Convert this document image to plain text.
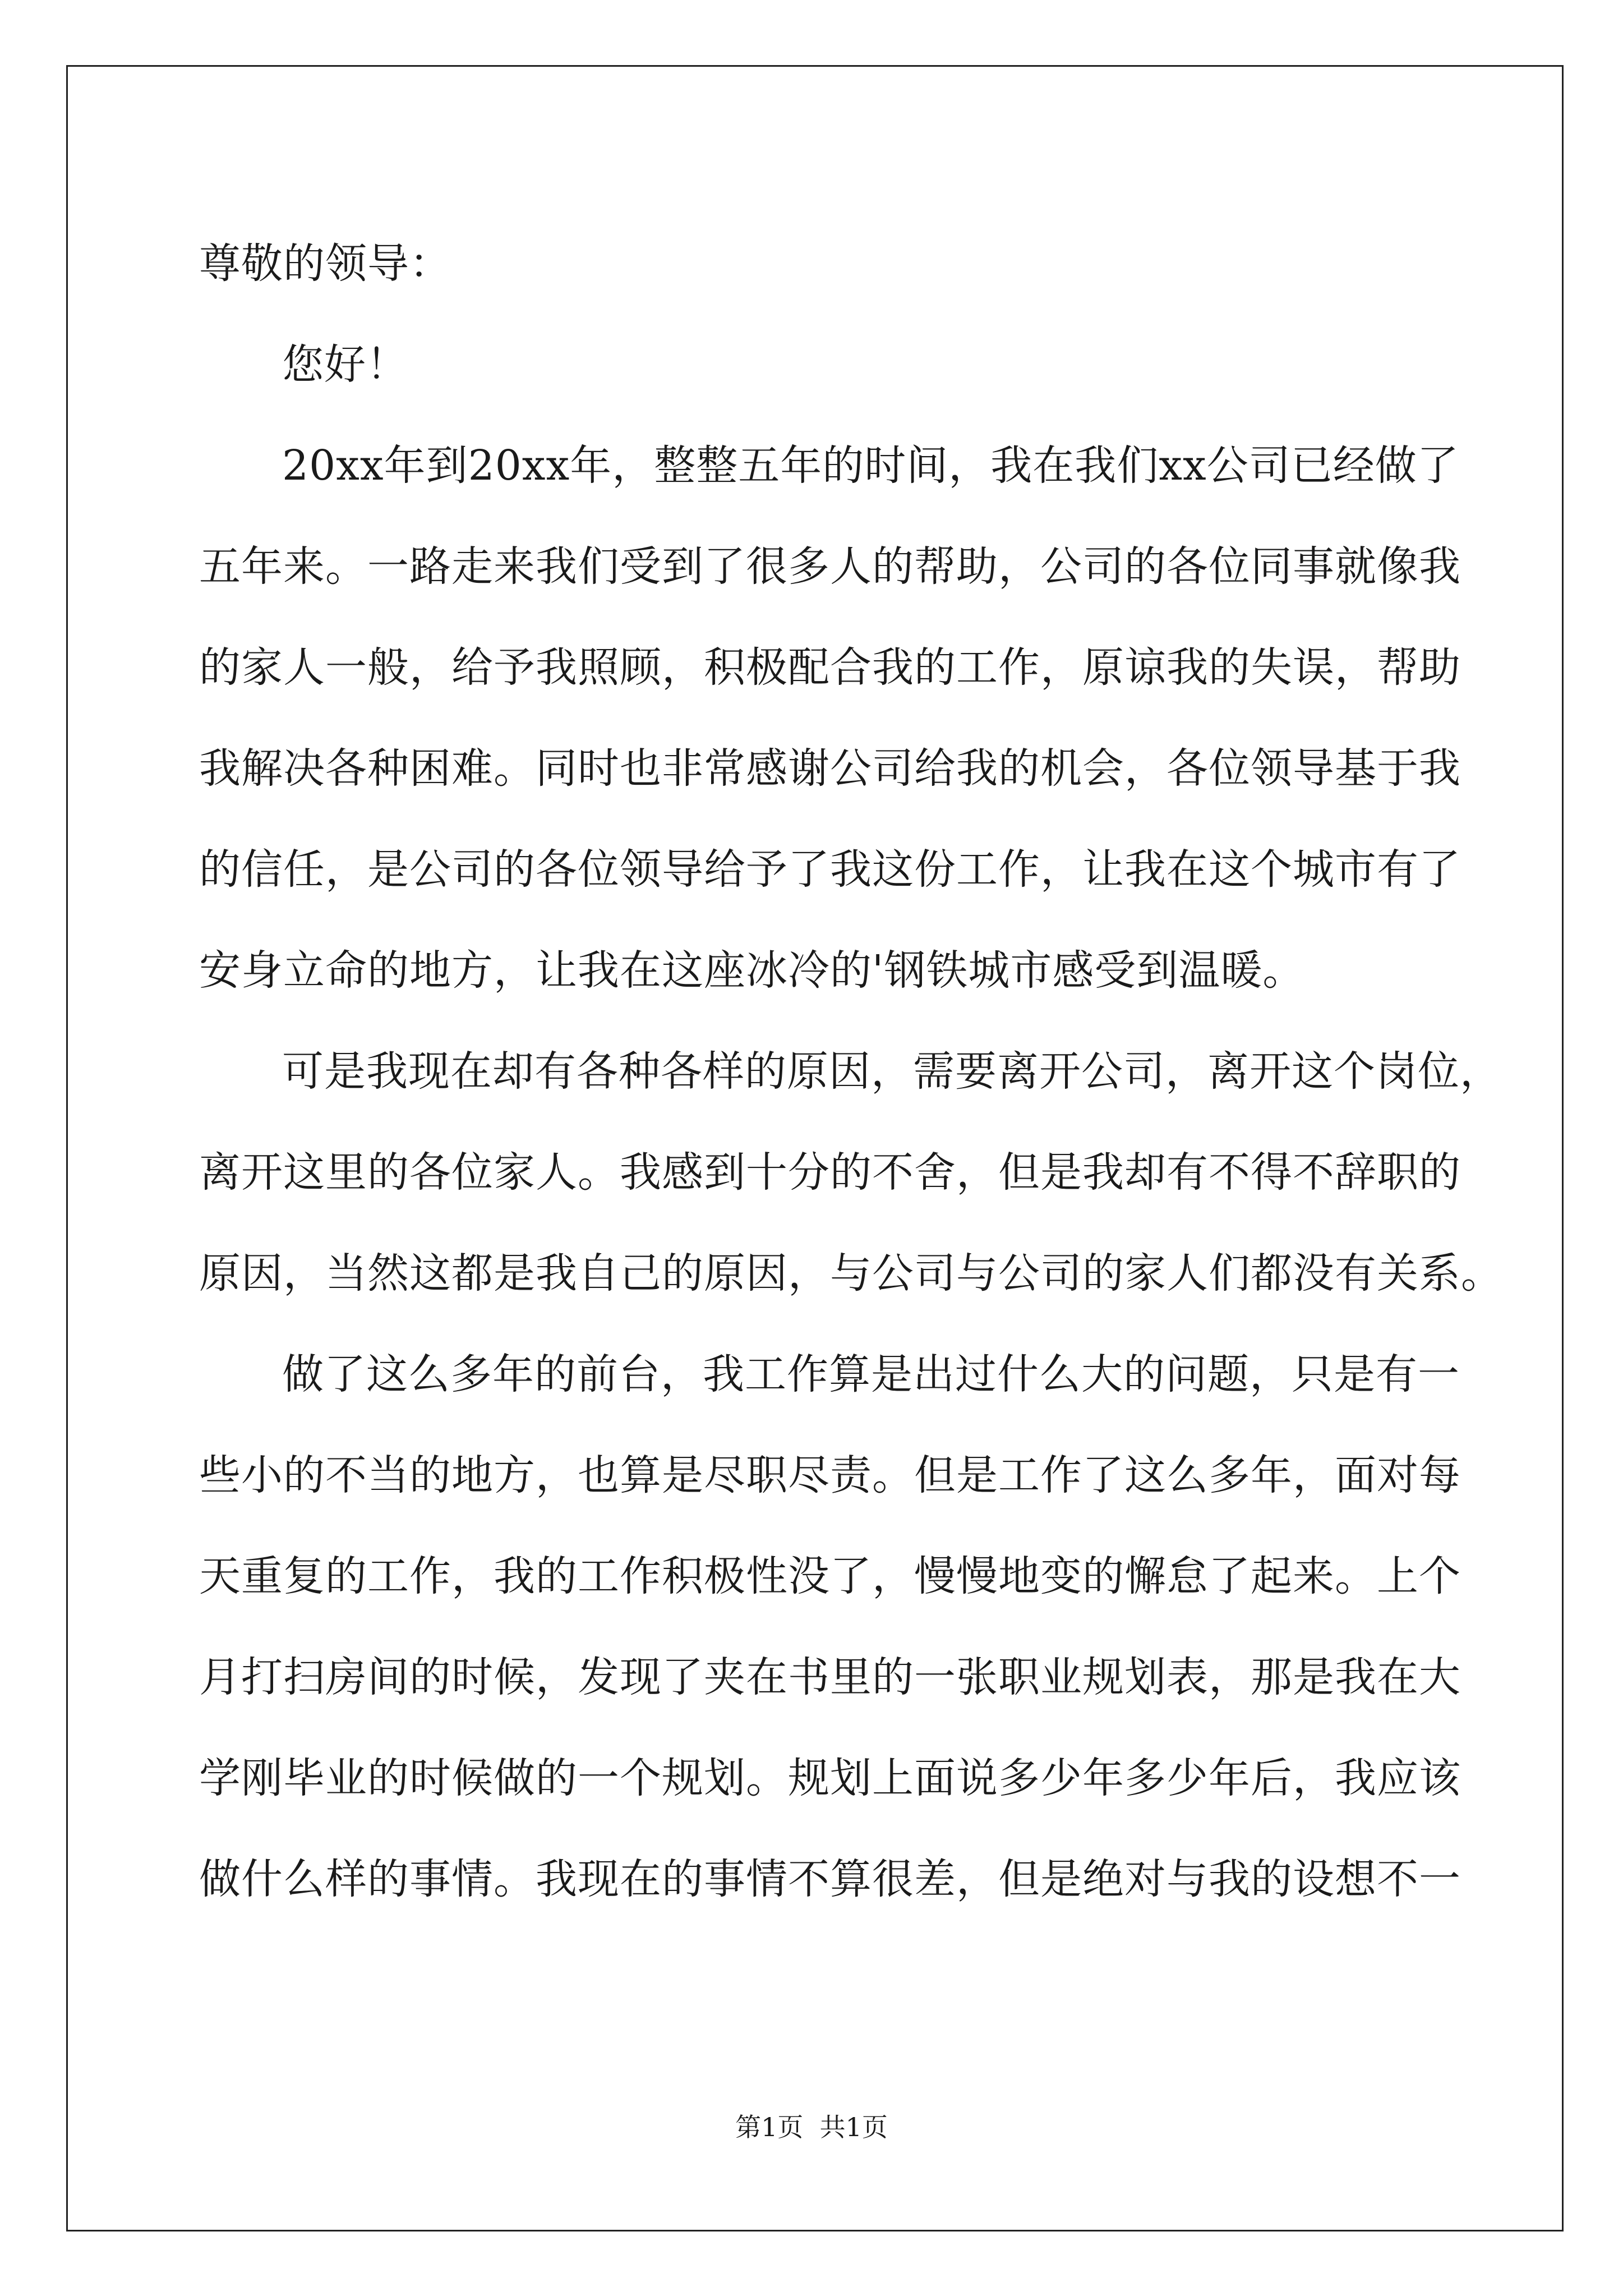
尊敬的领导：
您好！
20xx年到20xx年，整整五年的时间，我在我们xx公司已经做了
五年来。一路走来我们受到了很多人的帮助，公司的各位同事就像我
的家人一般，给予我照顾，积极配合我的工作，原谅我的失误，帮助
我解决各种困难。同时也非常感谢公司给我的机会，各位领导基于我
的信任，是公司的各位领导给予了我这份工作，让我在这个城市有了
安身立命的地方，让我在这座冰冷的'钢铁城市感受到温暖。
可是我现在却有各种各样的原因，需要离开公司，离开这个岗位，
离开这里的各位家人。我感到十分的不舍，但是我却有不得不辞职的
原因，当然这都是我自己的原因，与公司与公司的家人们都没有关系。
做了这么多年的前台，我工作算是出过什么大的问题，只是有一
些小的不当的地方，也算是尽职尽责。但是工作了这么多年，面对每
天重复的工作，我的工作积极性没了，慢慢地变的懈怠了起来。上个
月打扫房间的时候，发现了夹在书里的一张职业规划表，那是我在大
学刚毕业的时候做的一个规划。规划上面说多少年多少年后，我应该
做什么样的事情。我现在的事情不算很差，但是绝对与我的设想不一
第1页  共1页
